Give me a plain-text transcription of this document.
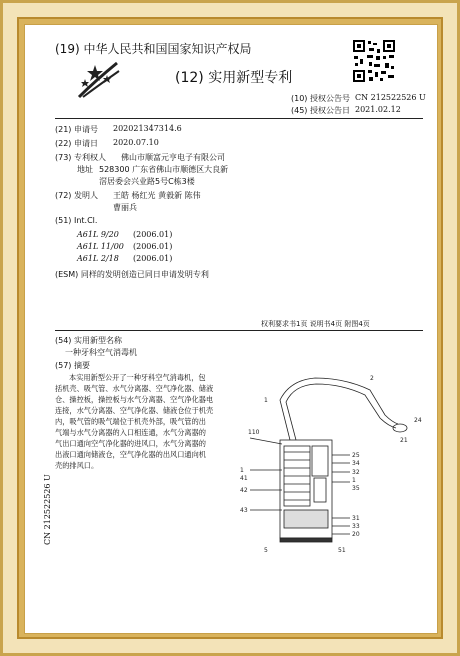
(19) 中华人民共和国国家知识产权局
(12) 实用新型专利
(10) 授权公告号 CN 212522526 U
(45) 授权公告日 2021.02.12
(21) 申请号 202021347314.6
(22) 申请日 2020.07.10
(73) 专利权人 佛山市顺富元亨电子有限公司
地址 528300 广东省佛山市顺德区大良新
滘居委会兴业路5号C栋3楼
(72) 发明人 王皓 杨红光 黄毅新 陈伟
曹丽兵
(51) Int.Cl.
A61L 9/20 (2006.01)
A61L 11/00 (2006.01)
A61L 2/18 (2006.01)
(ESM) 同样的发明创造已同日申请发明专利
权利要求书1页 说明书4页 附图4页
(54) 实用新型名称
一种牙科空气消毒机
(57) 摘要
本实用新型公开了一种牙科空气消毒机，包
括机壳、吸气管、水气分离器、空气净化器、储液
仓、操控板，操控板与水气分离器、空气净化器电
连接，水气分离器、空气净化器、储液仓位于机壳
内，吸气管的吸气端位于机壳外部，吸气管的出
气端与水气分离器的入口相连通，水气分离器的
气出口通向空气净化器的进风口，水气分离器的
出液口通向储液仓，空气净化器的出风口通向机
壳的排风口。
1
2
21
24
110
25
34
32
1
35
1
42
43
41
31
33
20
5	51
CN 212522526 U
